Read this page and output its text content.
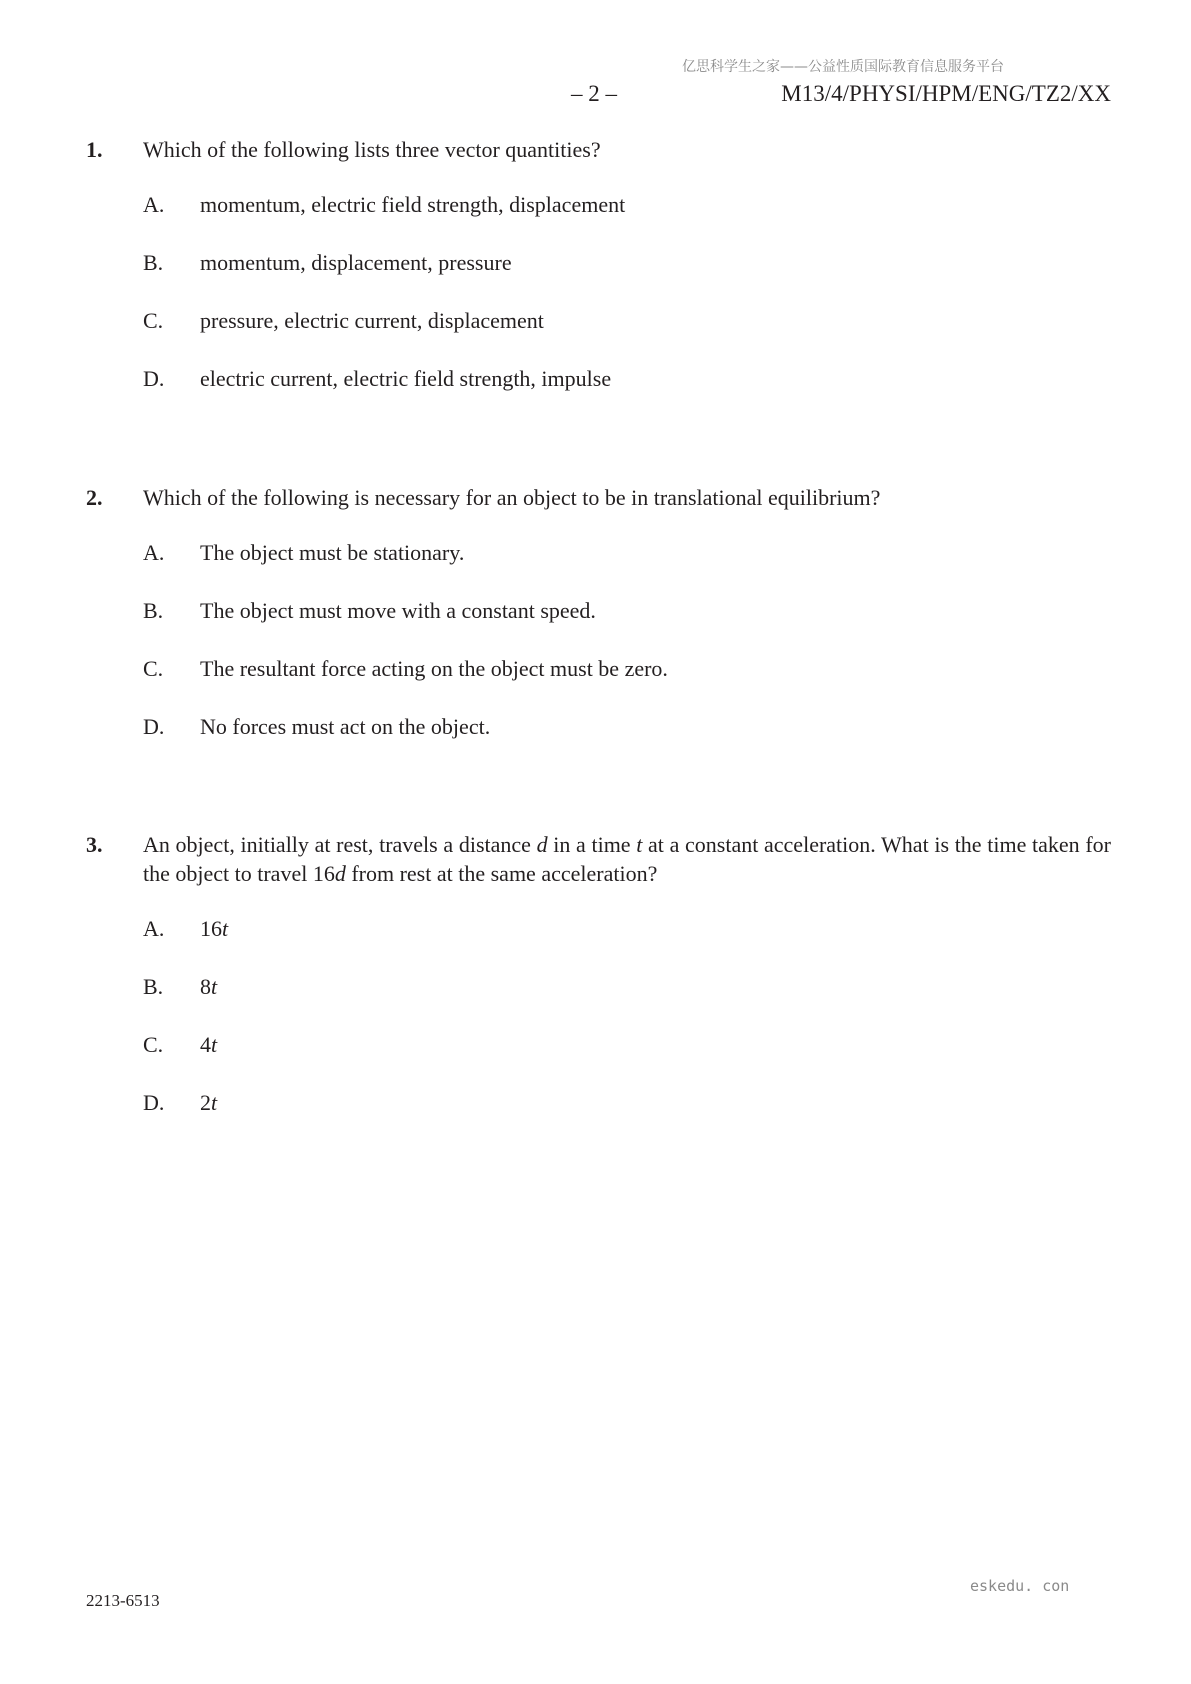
亿思科学生之家——公益性质国际教育信息服务平台
– 2 –	M13/4/PHYSI/HPM/ENG/TZ2/XX
1. Which of the following lists three vector quantities?
A. momentum, electric field strength, displacement
B. momentum, displacement, pressure
C. pressure, electric current, displacement
D. electric current, electric field strength, impulse
2. Which of the following is necessary for an object to be in translational equilibrium?
A. The object must be stationary.
B. The object must move with a constant speed.
C. The resultant force acting on the object must be zero.
D. No forces must act on the object.
3. An object, initially at rest, travels a distance d in a time t at a constant acceleration. What is the time taken for the object to travel 16d from rest at the same acceleration?
A. 16t
B. 8t
C. 4t
D. 2t
2213-6513
eskedu. con
